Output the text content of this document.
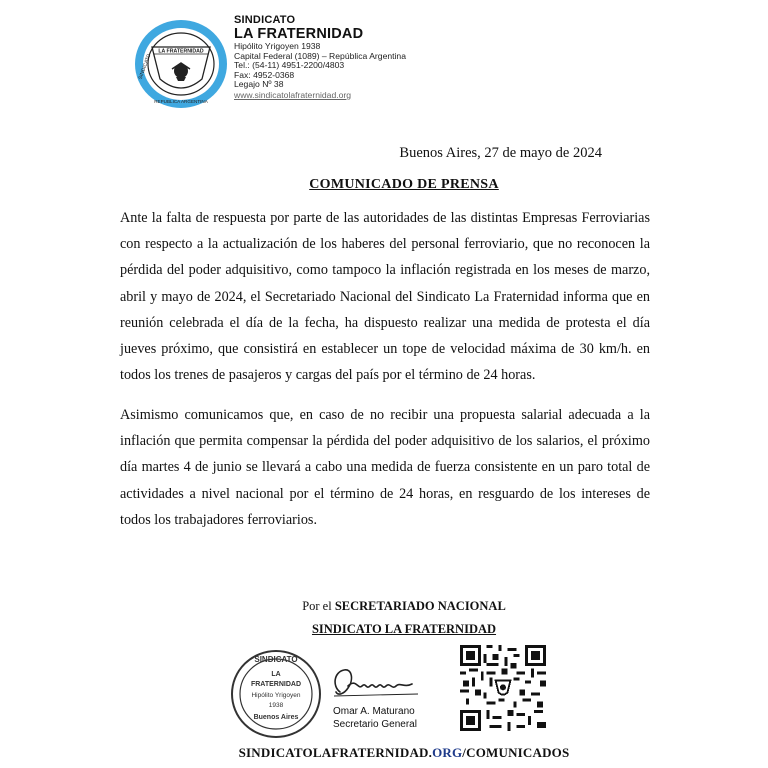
LA FRATERNIDAD
SINDICATO
REPUBLICA ARGENTINA
SINDICATO
LA FRATERNIDAD
Hipólito Yrigoyen 1938
Capital Federal (1089) – República Argentina
Tel.: (54-11) 4951-2200/4803
Fax: 4952-0368
Legajo Nº 38
www.sindicatolafraternidad.org
Buenos Aires, 27 de mayo de 2024
COMUNICADO DE PRENSA
Ante la falta de respuesta por parte de las autoridades de las distintas Empresas Ferroviarias con respecto a la actualización de los haberes del personal ferroviario, que no reconocen la pérdida del poder adquisitivo, como tampoco la inflación registrada en los meses de marzo, abril y mayo de 2024, el Secretariado Nacional del Sindicato La Fraternidad informa que en reunión celebrada el día de la fecha, ha dispuesto realizar una medida de protesta el día jueves próximo, que consistirá en establecer un tope de velocidad máxima de 30 km/h. en todos los trenes de pasajeros y cargas del país por el término de 24 horas.
Asimismo comunicamos que, en caso de no recibir una propuesta salarial adecuada a la inflación que permita compensar la pérdida del poder adquisitivo de los salarios, el próximo día martes 4 de junio se llevará a cabo una medida de fuerza consistente en un paro total de actividades a nivel nacional por el término de 24 horas, en resguardo de los intereses de todos los trabajadores ferroviarios.
Por el SECRETARIADO NACIONAL
SINDICATO LA FRATERNIDAD
SINDICATO
LA
FRATERNIDAD
Hipólito Yrigoyen
1938
Buenos Aires
Omar A. Maturano
Secretario General
SINDICATOLAFRATERNIDAD.ORG/COMUNICADOS
